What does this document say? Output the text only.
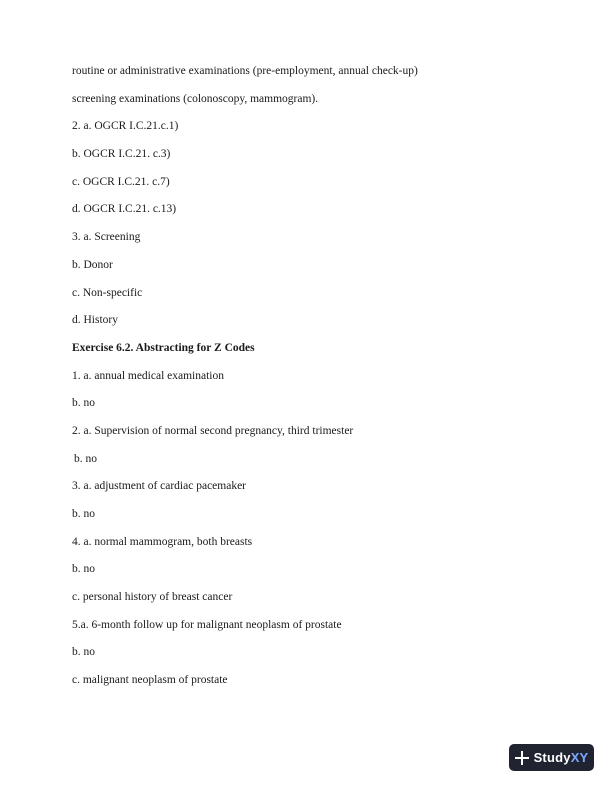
routine or administrative examinations (pre-employment, annual check-up)
screening examinations (colonoscopy, mammogram).
2. a. OGCR I.C.21.c.1)
b. OGCR I.C.21. c.3)
c. OGCR I.C.21. c.7)
d. OGCR I.C.21. c.13)
3. a. Screening
b. Donor
c. Non-specific
d. History
Exercise 6.2. Abstracting for Z Codes
1. a. annual medical examination
b. no
2. a. Supervision of normal second pregnancy, third trimester
b. no
3. a. adjustment of cardiac pacemaker
b. no
4. a. normal mammogram, both breasts
b. no
c. personal history of breast cancer
5.a. 6-month follow up for malignant neoplasm of prostate
b. no
c. malignant neoplasm of prostate
StudyXY
